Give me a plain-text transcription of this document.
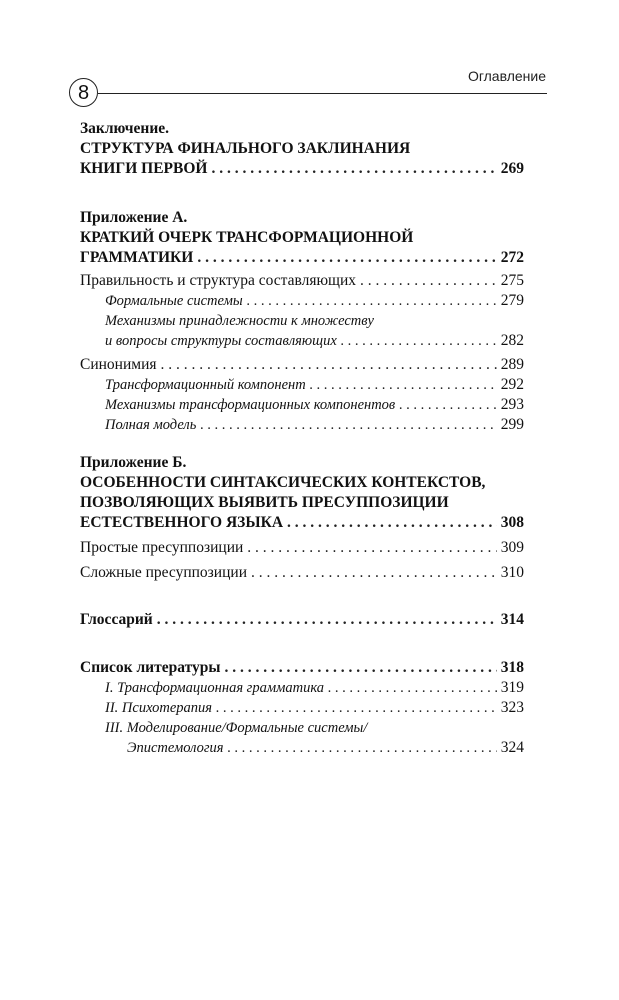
Оглавление
8
Заключение.
СТРУКТУРА ФИНАЛЬНОГО ЗАКЛИНАНИЯ
КНИГИ ПЕРВОЙ . . .	269
Приложение А.
КРАТКИЙ ОЧЕРК ТРАНСФОРМАЦИОННОЙ
ГРАММАТИКИ . . .	272
Правильность и структура составляющих . . .	275
Формальные системы . . .	279
Механизмы принадлежности к множеству
и вопросы структуры составляющих . . .	282
Синонимия . . .	289
Трансформационный компонент . . .	292
Механизмы трансформационных компонентов . . .	293
Полная модель . . .	299
Приложение Б.
ОСОБЕННОСТИ СИНТАКСИЧЕСКИХ КОНТЕКСТОВ,
ПОЗВОЛЯЮЩИХ ВЫЯВИТЬ ПРЕСУППОЗИЦИИ
ЕСТЕСТВЕННОГО ЯЗЫКА . . .	308
Простые пресуппозиции . . .	309
Сложные пресуппозиции . . .	310
Глоссарий . . .	314
Список литературы . . .	318
I. Трансформационная грамматика . . .	319
II. Психотерапия . . .	323
III. Моделирование/Формальные системы/
Эпистемология . . .	324
